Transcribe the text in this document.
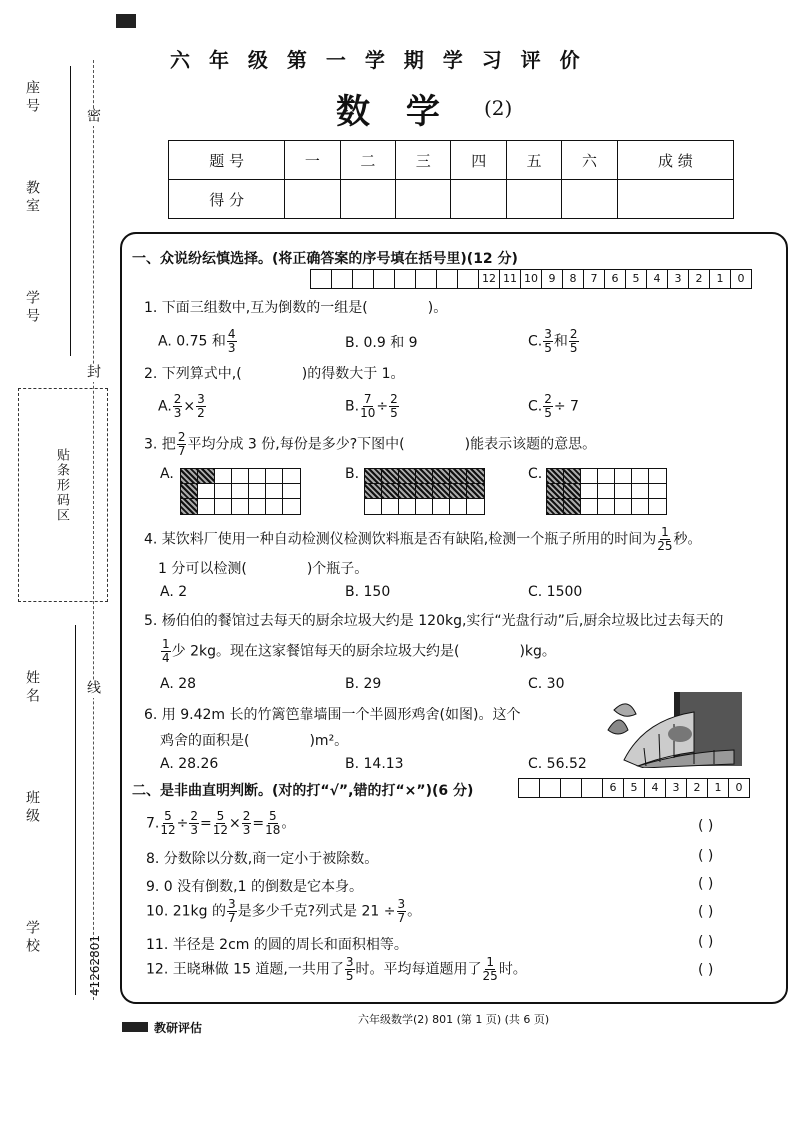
座号
教室
学号
姓名
班级
学校
密
封
线
贴条形码区
41262801
六 年 级 第 一 学 期 学 习 评 价
数 学 (2)
题 号	一	二	三	四	五	六	成 绩
得 分							
一、众说纷纭慎选择。(将正确答案的序号填在括号里)(12 分)
12 11 10 9	8	7	6	5	4	3	2	1	0
1. 下面三组数中,互为倒数的一组是(	)。
A. 0.75 和 $\frac{4}{3}$	B. 0.9 和 9	C. $\frac{3}{5}$ 和 $\frac{2}{5}$
2. 下列算式中,(	)的得数大于 1。
A. $\frac{2}{3} \times \frac{3}{2}$	B. $\frac{7}{10} \div \frac{2}{5}$	C. $\frac{2}{5} \div 7$
3. 把 $\frac{2}{7}$ 平均分成 3 份,每份是多少?下图中(	)能表示该题的意思。
A.	B.	C.
4. 某饮料厂使用一种自动检测仪检测饮料瓶是否有缺陷,检测一个瓶子所用的时间为 $\frac{1}{25}$ 秒。
1 分可以检测(	)个瓶子。
A. 2	B. 150	C. 1500
5. 杨伯伯的餐馆过去每天的厨余垃圾大约是 120kg,实行“光盘行动”后,厨余垃圾比过去每天的
$\frac{1}{4}$ 少 2kg。现在这家餐馆每天的厨余垃圾大约是(	)kg。
A. 28	B. 29	C. 30
6. 用 9.42m 长的竹篱笆靠墙围一个半圆形鸡舍(如图)。这个
鸡舍的面积是(	)m²。
A. 28.26	B. 14.13	C. 56.52
二、是非曲直明判断。(对的打“√”,错的打“×”)(6 分)	6	5	4	3	2	1	0
7. $\frac{5}{12} \div \frac{2}{3} = \frac{5}{12} \times \frac{2}{3} = \frac{5}{18}$ 。	( )
8. 分数除以分数,商一定小于被除数。	( )
9. 0 没有倒数,1 的倒数是它本身。	( )
10. 21kg 的 $\frac{3}{7}$ 是多少千克?列式是 $21 \div \frac{3}{7}$ 。	( )
11. 半径是 2cm 的圆的周长和面积相等。	( )
12. 王晓琳做 15 道题,一共用了 $\frac{3}{5}$ 时。平均每道题用了 $\frac{1}{25}$ 时。	( )
教研评估
六年级数学(2) 801 (第 1 页) (共 6 页)
